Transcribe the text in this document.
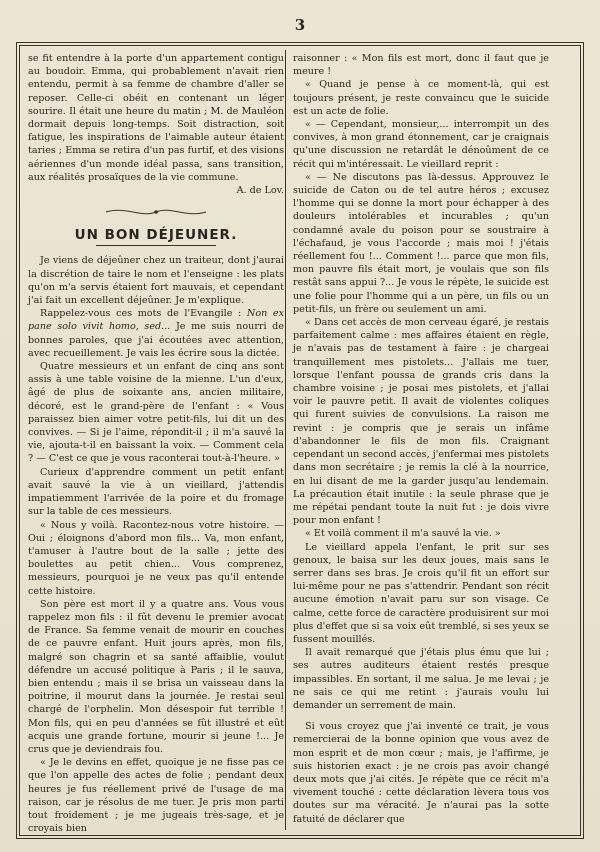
3

se fit entendre à la porte d'un appartement contigu au boudoir. Emma, qui probablement n'avait rien entendu, permit à sa femme de chambre d'aller se reposer. Celle-ci obéit en contenant un léger sourire. Il était une heure du matin ; M. de Mauléon dormait depuis long-temps. Soit distraction, soit fatigue, les inspirations de l'aimable auteur étaient taries ; Emma se retira d'un pas furtif, et des visions aériennes d'un monde idéal passa, sans transition, aux réalités prosaïques de la vie commune.

A. de Lov.

UN BON DÉJEUNER.

Je viens de déjeûner chez un traiteur, dont j'aurai la discrétion de taire le nom et l'enseigne : les plats qu'on m'a servis étaient fort mauvais, et cependant j'ai fait un excellent déjeûner. Je m'explique.

Rappelez-vous ces mots de l'Evangile : Non ex pane solo vivit homo, sed... Je me suis nourri de bonnes paroles, que j'ai écoutées avec attention, avec recueillement. Je vais les écrire sous la dictée.

Quatre messieurs et un enfant de cinq ans sont assis à une table voisine de la mienne. L'un d'eux, âgé de plus de soixante ans, ancien militaire, décoré, est le grand-père de l'enfant : « Vous paraissez bien aimer votre petit-fils, lui dit un des convives. — Si je l'aime, répondit-il ; il m'a sauvé la vie, ajouta-t-il en baissant la voix. — Comment cela ? — C'est ce que je vous raconterai tout-à-l'heure. »

Curieux d'apprendre comment un petit enfant avait sauvé la vie à un vieillard, j'attendis impatiemment l'arrivée de la poire et du fromage sur la table de ces messieurs.

« Nous y voilà. Racontez-nous votre histoire. — Oui ; éloignons d'abord mon fils... Va, mon enfant, t'amuser à l'autre bout de la salle ; jette des boulettes au petit chien... Vous comprenez, messieurs, pourquoi je ne veux pas qu'il entende cette histoire.

Son père est mort il y a quatre ans. Vous vous rappelez mon fils : il fût devenu le premier avocat de France. Sa femme venait de mourir en couches de ce pauvre enfant. Huit jours après, mon fils, malgré son chagrin et sa santé affaiblie, voulut défendre un accusé politique à Paris ; il le sauva, bien entendu ; mais il se brisa un vaisseau dans la poitrine, il mourut dans la journée. Je restai seul chargé de l'orphelin. Mon désespoir fut terrible ! Mon fils, qui en peu d'années se fût illustré et eût acquis une grande fortune, mourir si jeune !... Je crus que je deviendrais fou.

« Je le devins en effet, quoique je ne fisse pas ce que l'on appelle des actes de folie ; pendant deux heures je fus réellement privé de l'usage de ma raison, car je résolus de me tuer. Je pris mon parti tout froidement ; je me jugeais très-sage, et je croyais bien

raisonner : « Mon fils est mort, donc il faut que je meure !

« Quand je pense à ce moment-là, qui est toujours présent, je reste convaincu que le suicide est un acte de folie.

« — Cependant, monsieur,... interrompit un des convives, à mon grand étonnement, car je craignais qu'une discussion ne retardât le dénoûment de ce récit qui m'intéressait. Le vieillard reprit :

« — Ne discutons pas là-dessus. Approuvez le suicide de Caton ou de tel autre héros ; excusez l'homme qui se donne la mort pour échapper à des douleurs intolérables et incurables ; qu'un condamné avale du poison pour se soustraire à l'échafaud, je vous l'accorde ; mais moi ! j'étais réellement fou !... Comment !... parce que mon fils, mon pauvre fils était mort, je voulais que son fils restât sans appui ?... Je vous le répète, le suicide est une folie pour l'homme qui a un père, un fils ou un petit-fils, un frère ou seulement un ami.

« Dans cet accès de mon cerveau égaré, je restais parfaitement calme : mes affaires étaient en règle, je n'avais pas de testament à faire : je chargeai tranquillement mes pistolets... J'allais me tuer, lorsque l'enfant poussa de grands cris dans la chambre voisine ; je posai mes pistolets, et j'allai voir le pauvre petit. Il avait de violentes coliques qui furent suivies de convulsions. La raison me revint : je compris que je serais un infâme d'abandonner le fils de mon fils. Craignant cependant un second accès, j'enfermai mes pistolets dans mon secrétaire ; je remis la clé à la nourrice, en lui disant de me la garder jusqu'au lendemain. La précaution était inutile : la seule phrase que je me répétai pendant toute la nuit fut : je dois vivre pour mon enfant !

« Et voilà comment il m'a sauvé la vie. »

Le vieillard appela l'enfant, le prit sur ses genoux, le baisa sur les deux joues, mais sans le serrer dans ses bras. Je crois qu'il fit un effort sur lui-même pour ne pas s'attendrir. Pendant son récit aucune émotion n'avait paru sur son visage. Ce calme, cette force de caractère produisirent sur moi plus d'effet que si sa voix eût tremblé, si ses yeux se fussent mouillés.

Il avait remarqué que j'étais plus ému que lui ; ses autres auditeurs étaient restés presque impassibles. En sortant, il me salua. Je me levai ; je ne sais ce qui me retint : j'aurais voulu lui demander un serrement de main.

Si vous croyez que j'ai inventé ce trait, je vous remercierai de la bonne opinion que vous avez de mon esprit et de mon cœur ; mais, je l'affirme, je suis historien exact : je ne crois pas avoir changé deux mots que j'ai cités. Je répète que ce récit m'a vivement touché : cette déclaration lèvera tous vos doutes sur ma véracité. Je n'aurai pas la sotte fatuité de déclarer que
